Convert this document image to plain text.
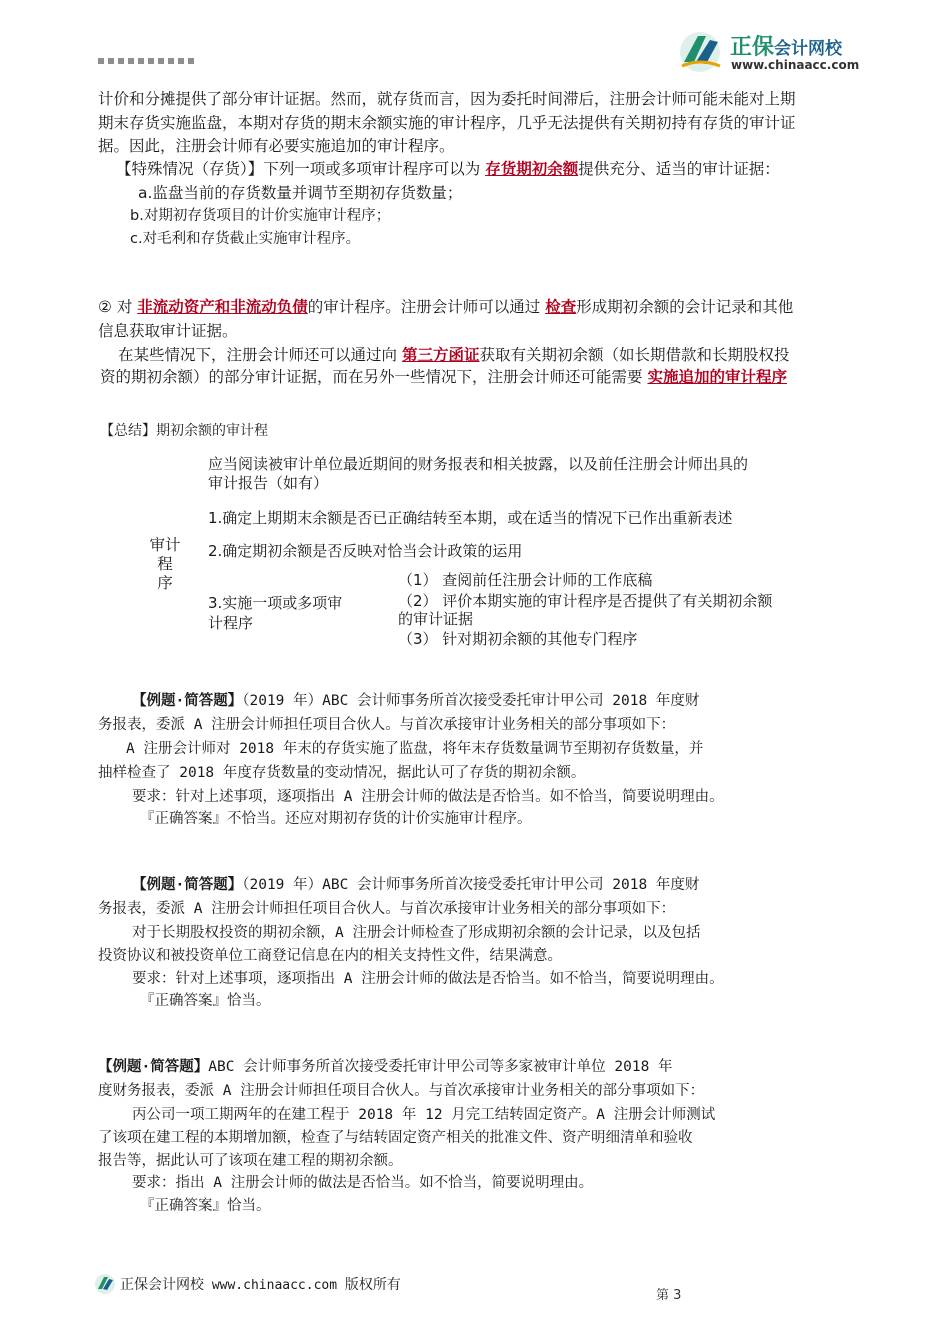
正保会计网校
www.chinaacc.com
计价和分摊提供了部分审计证据。然而，就存货而言，因为委托时间滞后，注册会计师可能未能对上期
期末存货实施监盘，本期对存货的期末余额实施的审计程序，几乎无法提供有关期初持有存货的审计证
据。因此，注册会计师有必要实施追加的审计程序。
【特殊情况（存货）】下列一项或多项审计程序可以为 存货期初余额提供充分、适当的审计证据：
a.监盘当前的存货数量并调节至期初存货数量；
b.对期初存货项目的计价实施审计程序；
c.对毛利和存货截止实施审计程序。
② 对 非流动资产和非流动负债的审计程序。注册会计师可以通过 检查形成期初余额的会计记录和其他
信息获取审计证据。
在某些情况下，注册会计师还可以通过向 第三方函证获取有关期初余额（如长期借款和长期股权投
资的期初余额）的部分审计证据，而在另外一些情况下，注册会计师还可能需要 实施追加的审计程序
【总结】期初余额的审计程
审计
程
序
应当阅读被审计单位最近期间的财务报表和相关披露，以及前任注册会计师出具的
审计报告（如有）
1.确定上期期末余额是否已正确结转至本期，或在适当的情况下已作出重新表述
2.确定期初余额是否反映对恰当会计政策的运用
3.实施一项或多项审
计程序
（1） 查阅前任注册会计师的工作底稿
（2） 评价本期实施的审计程序是否提供了有关期初余额
的审计证据
（3） 针对期初余额的其他专门程序
【例题·简答题】（2019 年）ABC 会计师事务所首次接受委托审计甲公司 2018 年度财
务报表，委派 A 注册会计师担任项目合伙人。与首次承接审计业务相关的部分事项如下：
A 注册会计师对 2018 年末的存货实施了监盘，将年末存货数量调节至期初存货数量，并
抽样检查了 2018 年度存货数量的变动情况，据此认可了存货的期初余额。
要求：针对上述事项，逐项指出 A 注册会计师的做法是否恰当。如不恰当，简要说明理由。
『正确答案』不恰当。还应对期初存货的计价实施审计程序。
【例题·简答题】（2019 年）ABC 会计师事务所首次接受委托审计甲公司 2018 年度财
务报表，委派 A 注册会计师担任项目合伙人。与首次承接审计业务相关的部分事项如下：
对于长期股权投资的期初余额，A 注册会计师检查了形成期初余额的会计记录，以及包括
投资协议和被投资单位工商登记信息在内的相关支持性文件，结果满意。
要求：针对上述事项，逐项指出 A 注册会计师的做法是否恰当。如不恰当，简要说明理由。
『正确答案』恰当。
【例题·简答题】ABC 会计师事务所首次接受委托审计甲公司等多家被审计单位 2018 年
度财务报表，委派 A 注册会计师担任项目合伙人。与首次承接审计业务相关的部分事项如下：
丙公司一项工期两年的在建工程于 2018 年 12 月完工结转固定资产。A 注册会计师测试
了该项在建工程的本期增加额，检查了与结转固定资产相关的批准文件、资产明细清单和验收
报告等，据此认可了该项在建工程的期初余额。
要求：指出 A 注册会计师的做法是否恰当。如不恰当，简要说明理由。
『正确答案』恰当。
正保会计网校 www.chinaacc.com 版权所有
第 3
